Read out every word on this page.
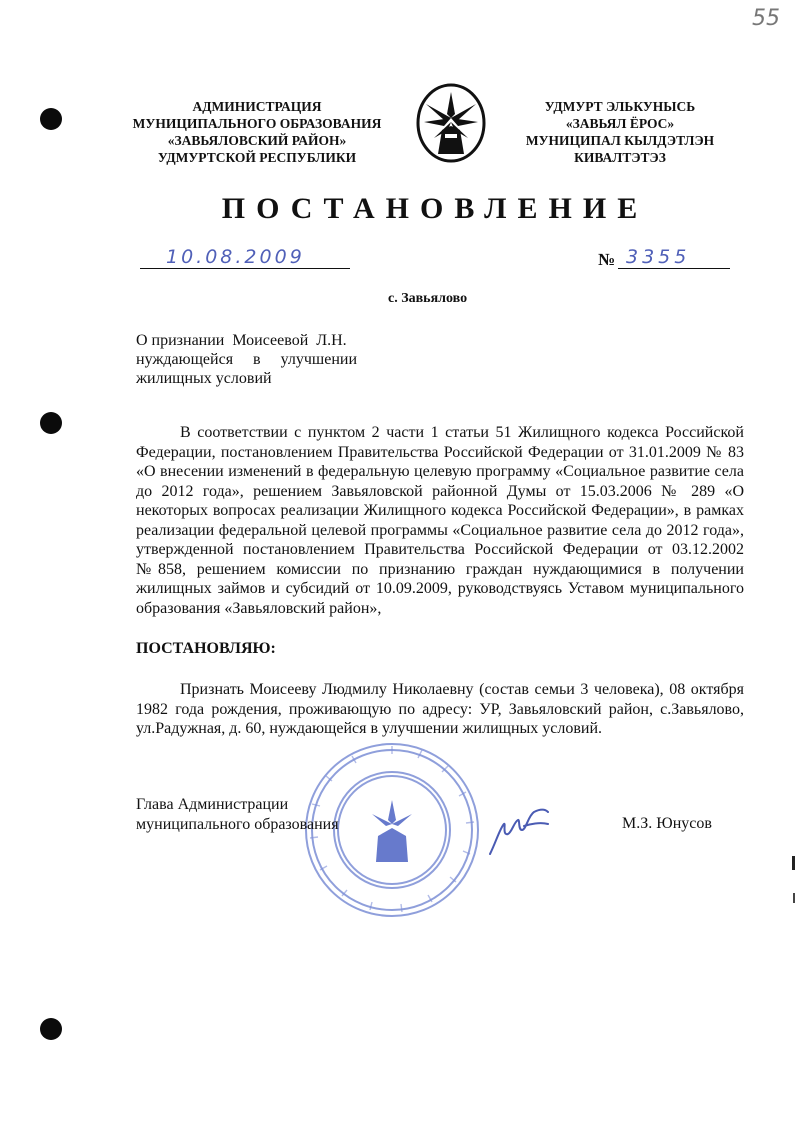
55
АДМИНИСТРАЦИЯ
МУНИЦИПАЛЬНОГО ОБРАЗОВАНИЯ
«ЗАВЬЯЛОВСКИЙ РАЙОН»
УДМУРТСКОЙ РЕСПУБЛИКИ
УДМУРТ ЭЛЬКУНЫСЬ
«ЗАВЬЯЛ ЁРОС»
МУНИЦИПАЛ КЫЛДЭТЛЭН
КИВАЛТЭТЭЗ
ПОСТАНОВЛЕНИЕ
10.08.2009	№ 3355
с. Завьялово
О признании  Моисеевой  Л.Н.
нуждающейся     в     улучшении
жилищных условий
В соответствии с пунктом 2 части 1 статьи 51 Жилищного кодекса Российской Федерации, постановлением Правительства Российской Федерации от 31.01.2009 № 83 «О внесении изменений в федеральную целевую программу «Социальное развитие села до 2012 года», решением Завьяловской районной Думы от 15.03.2006 № 289 «О некоторых вопросах реализации Жилищного кодекса Российской Федерации», в рамках реализации федеральной целевой программы «Социальное развитие села до 2012 года», утвержденной постановлением Правительства Российской Федерации от 03.12.2002 №858, решением комиссии по признанию граждан нуждающимися в получении жилищных займов и субсидий от 10.09.2009, руководствуясь Уставом муниципального образования «Завьяловский район»,
ПОСТАНОВЛЯЮ:
Признать Моисееву Людмилу Николаевну (состав семьи 3 человека), 08 октября 1982 года рождения, проживающую по адресу: УР, Завьяловский район, с.Завьялово, ул.Радужная, д. 60, нуждающейся в улучшении жилищных условий.
Глава Администрации
муниципального образования	М.З. Юнусов
